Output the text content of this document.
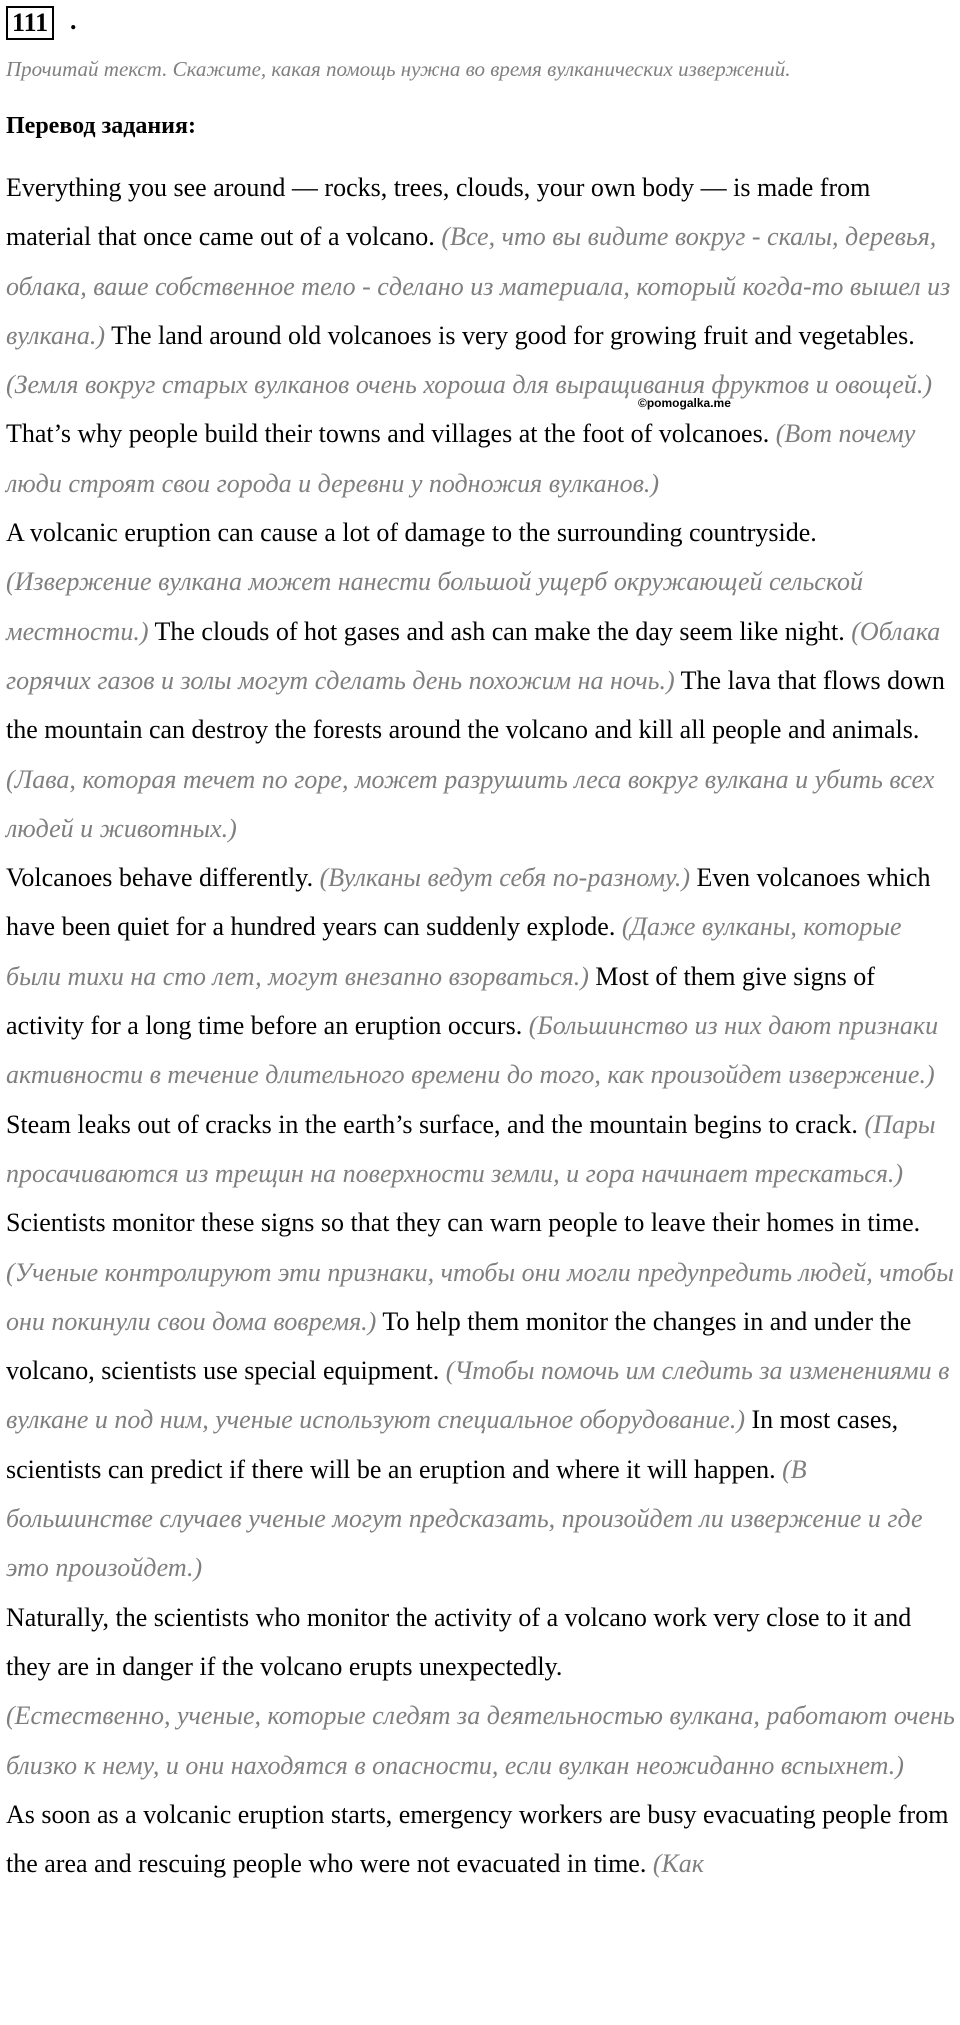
111 .
Прочитай текст. Скажите, какая помощь нужна во время вулканических извержений.
Перевод задания:
©pomogalka.me

Everything you see around — rocks, trees, clouds, your own body — is made from material that once came out of a volcano. (Все, что вы видите вокруг - скалы, деревья, облака, ваше собственное тело - сделано из материала, который когда-то вышел из вулкана.) The land around old volcanoes is very good for growing fruit and vegetables. (Земля вокруг старых вулканов очень хороша для выращивания фруктов и овощей.) That’s why people build their towns and villages at the foot of volcanoes. (Вот почему люди строят свои города и деревни у подножия вулканов.)

A volcanic eruption can cause a lot of damage to the surrounding countryside. (Извержение вулкана может нанести большой ущерб окружающей сельской местности.) The clouds of hot gases and ash can make the day seem like night. (Облака горячих газов и золы могут сделать день похожим на ночь.) The lava that flows down the mountain can destroy the forests around the volcano and kill all people and animals. (Лава, которая течет по горе, может разрушить леса вокруг вулкана и убить всех людей и животных.)

Volcanoes behave differently. (Вулканы ведут себя по-разному.) Even volcanoes which have been quiet for a hundred years can suddenly explode. (Даже вулканы, которые были тихи на сто лет, могут внезапно взорваться.) Most of them give signs of activity for a long time before an eruption occurs. (Большинство из них дают признаки активности в течение длительного времени до того, как произойдет извержение.) Steam leaks out of cracks in the earth’s surface, and the mountain begins to crack. (Пары просачиваются из трещин на поверхности земли, и гора начинает трескаться.) Scientists monitor these signs so that they can warn people to leave their homes in time. (Ученые контролируют эти признаки, чтобы они могли предупредить людей, чтобы они покинули свои дома вовремя.) To help them monitor the changes in and under the volcano, scientists use special equipment. (Чтобы помочь им следить за изменениями в вулкане и под ним, ученые используют специальное оборудование.) In most cases, scientists can predict if there will be an eruption and where it will happen. (В большинстве случаев ученые могут предсказать, произойдет ли извержение и где это произойдет.)

Naturally, the scientists who monitor the activity of a volcano work very close to it and they are in danger if the volcano erupts unexpectedly.

(Естественно, ученые, которые следят за деятельностью вулкана, работают очень близко к нему, и они находятся в опасности, если вулкан неожиданно вспыхнет.)

As soon as a volcanic eruption starts, emergency workers are busy evacuating people from the area and rescuing people who were not evacuated in time. (Как
